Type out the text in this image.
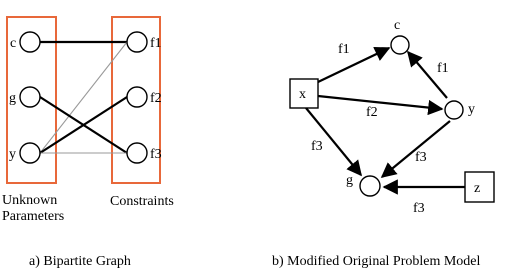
c
g
y
f1
f2
f3
Unknown
Parameters
Constraints
a) Bipartite Graph
x
c
y
g
z
f1
f1
f2
f3
f3
f3
b) Modified Original Problem Model
